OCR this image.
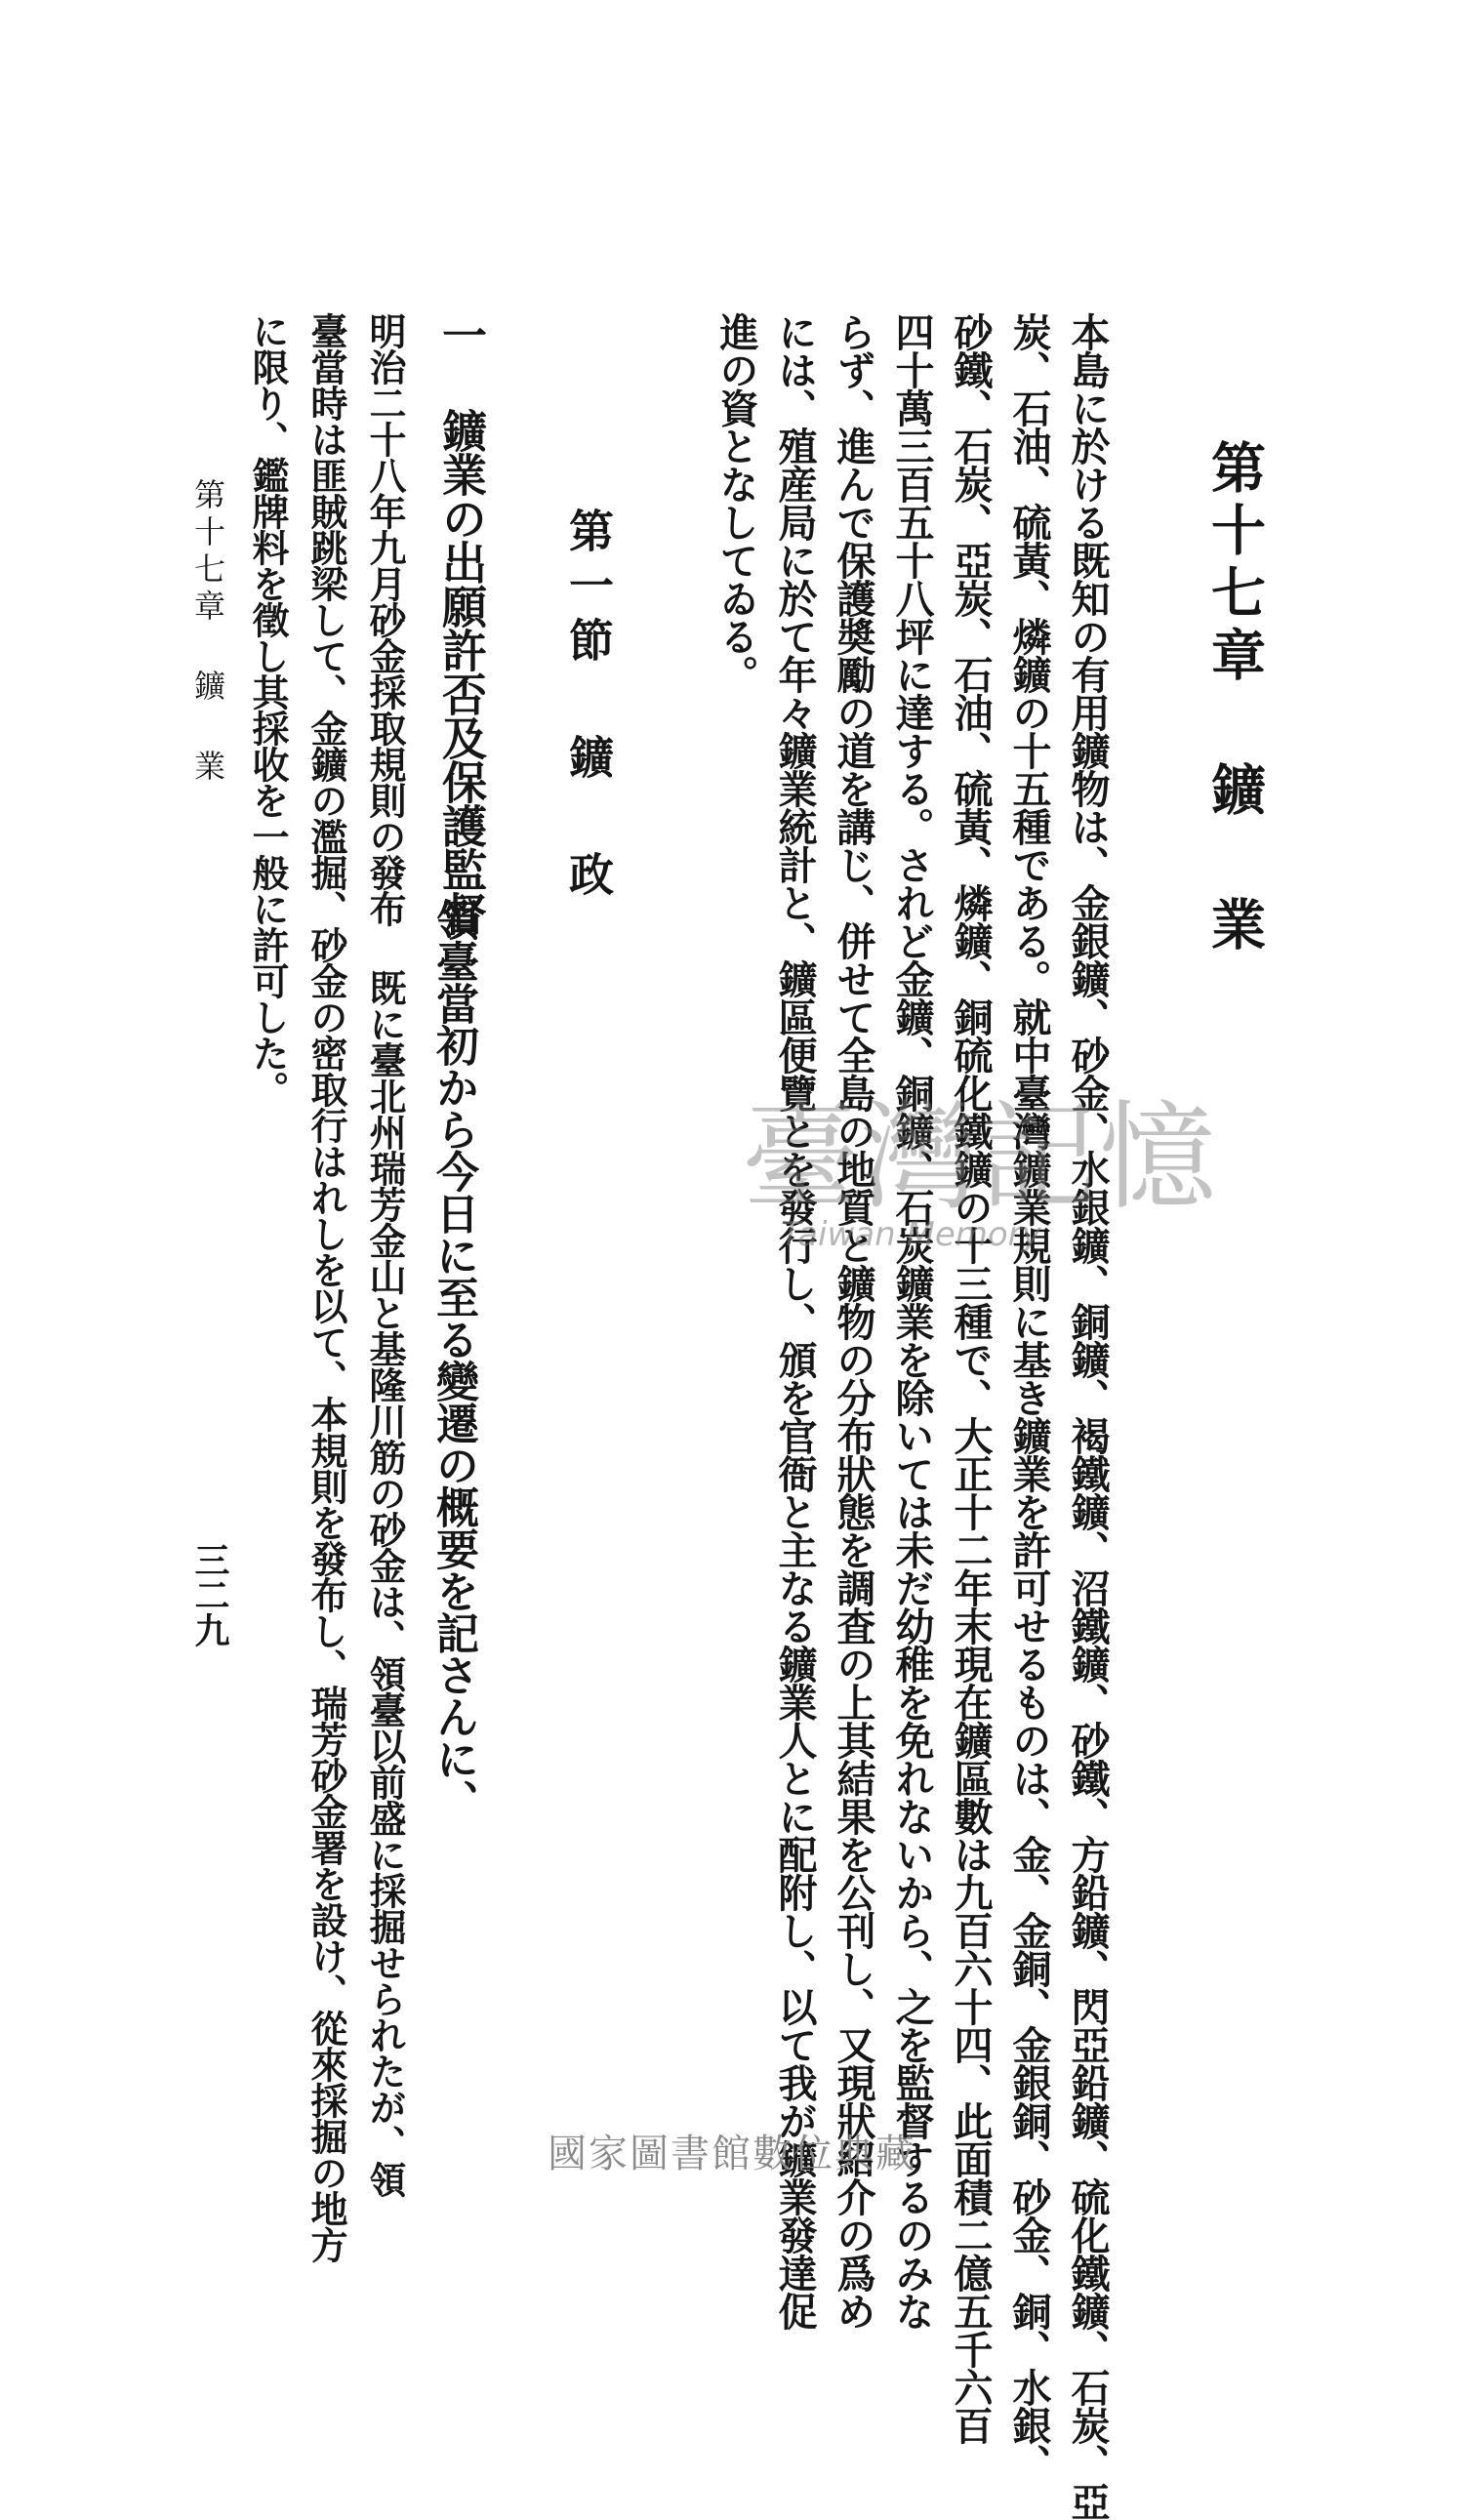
第十七章 鑛 業
本島に於ける既知の有用鑛物は、金銀鑛、砂金、水銀鑛、銅鑛、褐鐵鑛、沼鐵鑛、砂鐵、方鉛鑛、閃亞鉛鑛、硫化鐵鑛、石炭、亞
炭、石油、硫黃、燐鑛の十五種である。就中臺灣鑛業規則に基き鑛業を許可せるものは、金、金銅、金銀銅、砂金、銅、水銀、
砂鐵、石炭、亞炭、石油、硫黃、燐鑛、銅硫化鐵鑛の十三種で、大正十二年末現在鑛區數は九百六十四、此面積二億五千六百
四十萬三百五十八坪に達する。されど金鑛、銅鑛、石炭鑛業を除いては未だ幼稚を免れないから、之を監督するのみな
らず、進んで保護奬勵の道を講じ、併せて全島の地質と鑛物の分布狀態を調査の上其結果を公刊し、又現狀紹介の爲め
には、殖産局に於て年々鑛業統計と、鑛區便覽とを發行し、頒を官衙と主なる鑛業人とに配附し、以て我が鑛業發達促
進の資となしてゐる。
第一節 鑛 政
一 鑛業の出願許否及保護監督
領臺當初から今日に至る變遷の概要を記さんに、
明治二十八年九月砂金採取規則の發布 既に臺北州瑞芳金山と基隆川筋の砂金は、領臺以前盛に採掘せられたが、領
臺當時は匪賊跳梁して、金鑛の濫掘、砂金の密取行はれしを以て、本規則を發布し、瑞芳砂金署を設け、從來採掘の地方
に限り、鑑牌料を徵し其採收を一般に許可した。
第十七章 鑛 業
三二九
臺灣記憶
Taiwan Memory
國家圖書館數位典藏
